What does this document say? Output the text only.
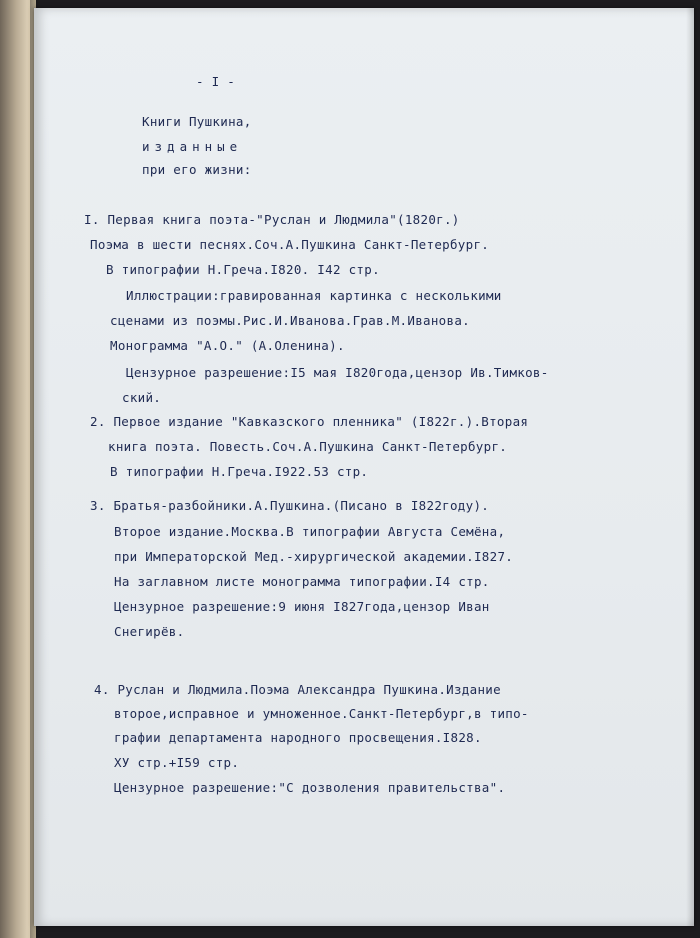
- I -
Книги Пушкина,
изданные
при его жизни:
I. Первая книга поэта-"Руслан и Людмила"(1820г.)
Поэма в шести песнях.Соч.А.Пушкина Санкт-Петербург.
В типографии Н.Греча.I820. I42 стр.
Иллюстрации:гравированная картинка с несколькими
сценами из поэмы.Рис.И.Иванова.Грав.М.Иванова.
Монограмма "А.О." (А.Оленина).
Цензурное разрешение:I5 мая I820года,цензор Ив.Тимков-
ский.
2. Первое издание "Кавказского пленника" (I822г.).Вторая
книга поэта. Повесть.Соч.А.Пушкина Санкт-Петербург.
В типографии Н.Греча.I922.53 стр.
3. Братья-разбойники.А.Пушкина.(Писано в I822году).
Второе издание.Москва.В типографии Августа Семёна,
при Императорской Мед.-хирургической академии.I827.
На заглавном листе монограмма типографии.I4 стр.
Цензурное разрешение:9 июня I827года,цензор Иван
Снегирёв.
4. Руслан и Людмила.Поэма Александра Пушкина.Издание
второе,исправное и умноженное.Санкт-Петербург,в типо-
графии департамента народного просвещения.I828.
ХУ стр.+I59 стр.
Цензурное разрешение:"С дозволения правительства".
